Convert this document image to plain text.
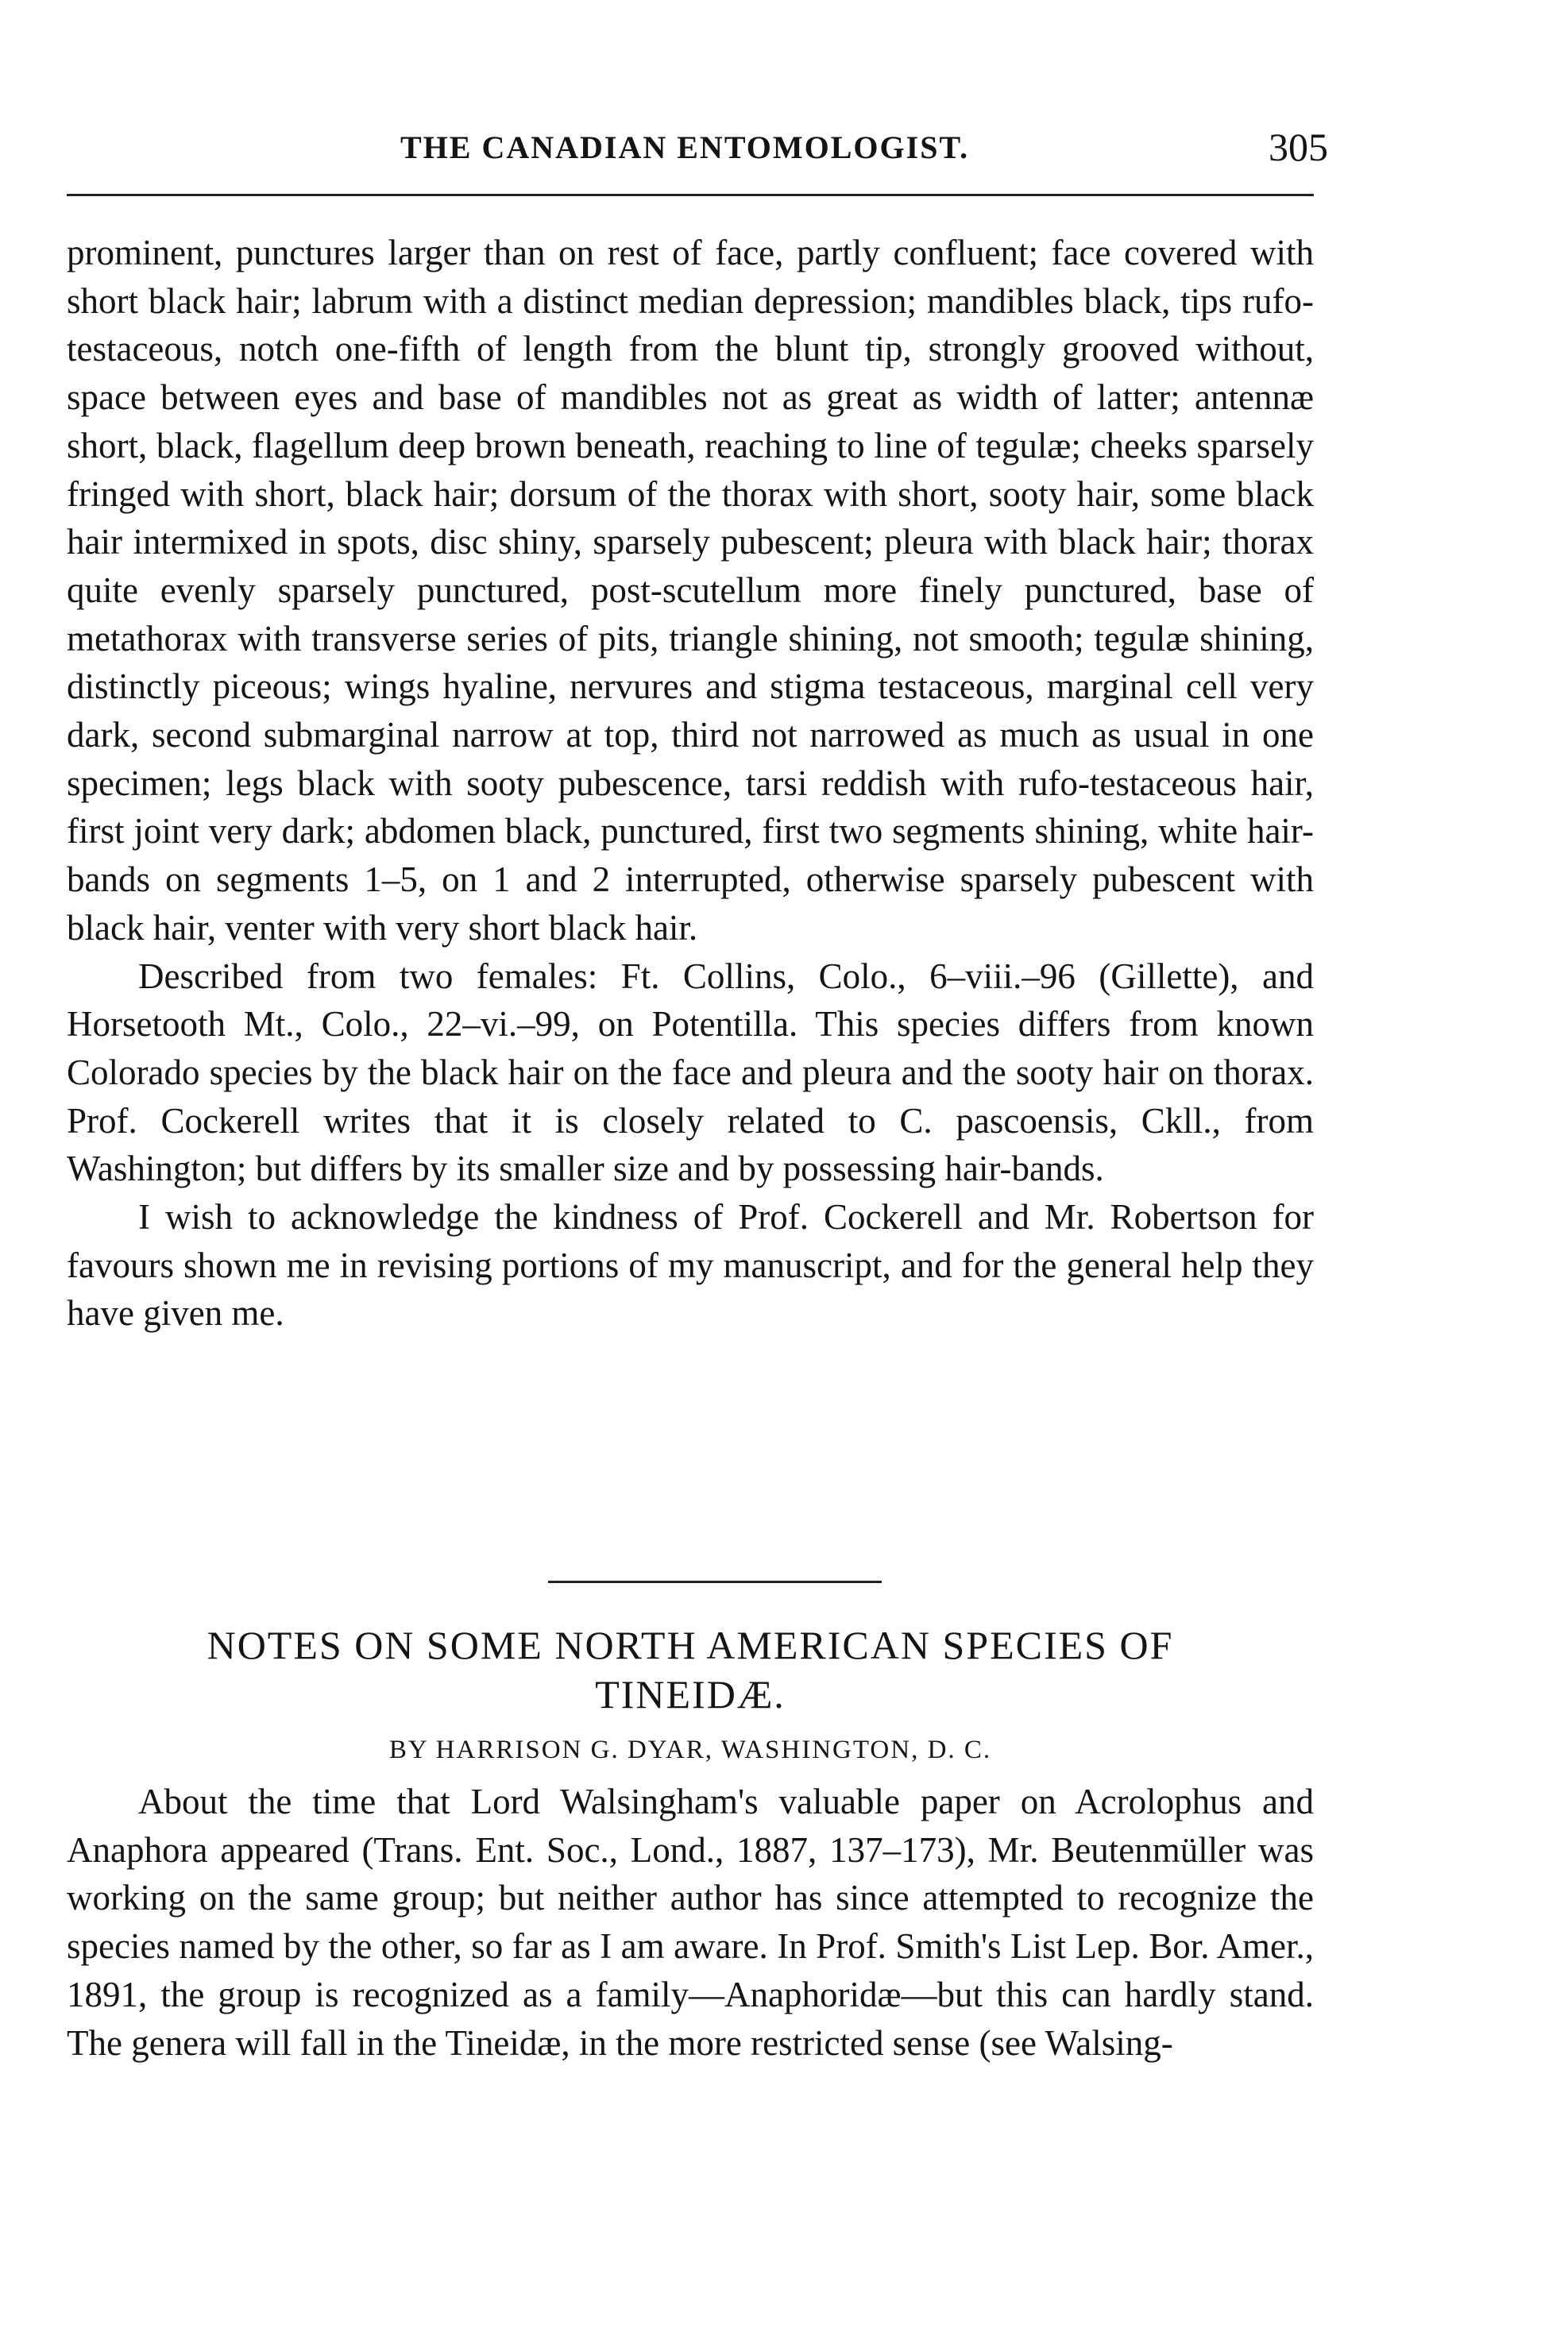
THE CANADIAN ENTOMOLOGIST.	305

prominent, punctures larger than on rest of face, partly confluent; face covered with short black hair; labrum with a distinct median depression; mandibles black, tips rufo-testaceous, notch one-fifth of length from the blunt tip, strongly grooved without, space between eyes and base of mandibles not as great as width of latter; antennæ short, black, flagellum deep brown beneath, reaching to line of tegulæ; cheeks sparsely fringed with short, black hair; dorsum of the thorax with short, sooty hair, some black hair intermixed in spots, disc shiny, sparsely pubescent; pleura with black hair; thorax quite evenly sparsely punctured, post-scutellum more finely punctured, base of metathorax with transverse series of pits, triangle shining, not smooth; tegulæ shining, distinctly piceous; wings hyaline, nervures and stigma testaceous, marginal cell very dark, second submarginal narrow at top, third not narrowed as much as usual in one specimen; legs black with sooty pubescence, tarsi reddish with rufo-testaceous hair, first joint very dark; abdomen black, punctured, first two segments shining, white hair-bands on segments 1–5, on 1 and 2 interrupted, otherwise sparsely pubescent with black hair, venter with very short black hair.

Described from two females: Ft. Collins, Colo., 6–viii.–96 (Gillette), and Horsetooth Mt., Colo., 22–vi.–99, on Potentilla. This species differs from known Colorado species by the black hair on the face and pleura and the sooty hair on thorax. Prof. Cockerell writes that it is closely related to C. pascoensis, Ckll., from Washington; but differs by its smaller size and by possessing hair-bands.

I wish to acknowledge the kindness of Prof. Cockerell and Mr. Robertson for favours shown me in revising portions of my manuscript, and for the general help they have given me.

NOTES ON SOME NORTH AMERICAN SPECIES OF
TINEIDÆ.
BY HARRISON G. DYAR, WASHINGTON, D. C.

About the time that Lord Walsingham's valuable paper on Acrolophus and Anaphora appeared (Trans. Ent. Soc., Lond., 1887, 137–173), Mr. Beutenmüller was working on the same group; but neither author has since attempted to recognize the species named by the other, so far as I am aware. In Prof. Smith's List Lep. Bor. Amer., 1891, the group is recognized as a family—Anaphoridæ—but this can hardly stand. The genera will fall in the Tineidæ, in the more restricted sense (see Walsing-
